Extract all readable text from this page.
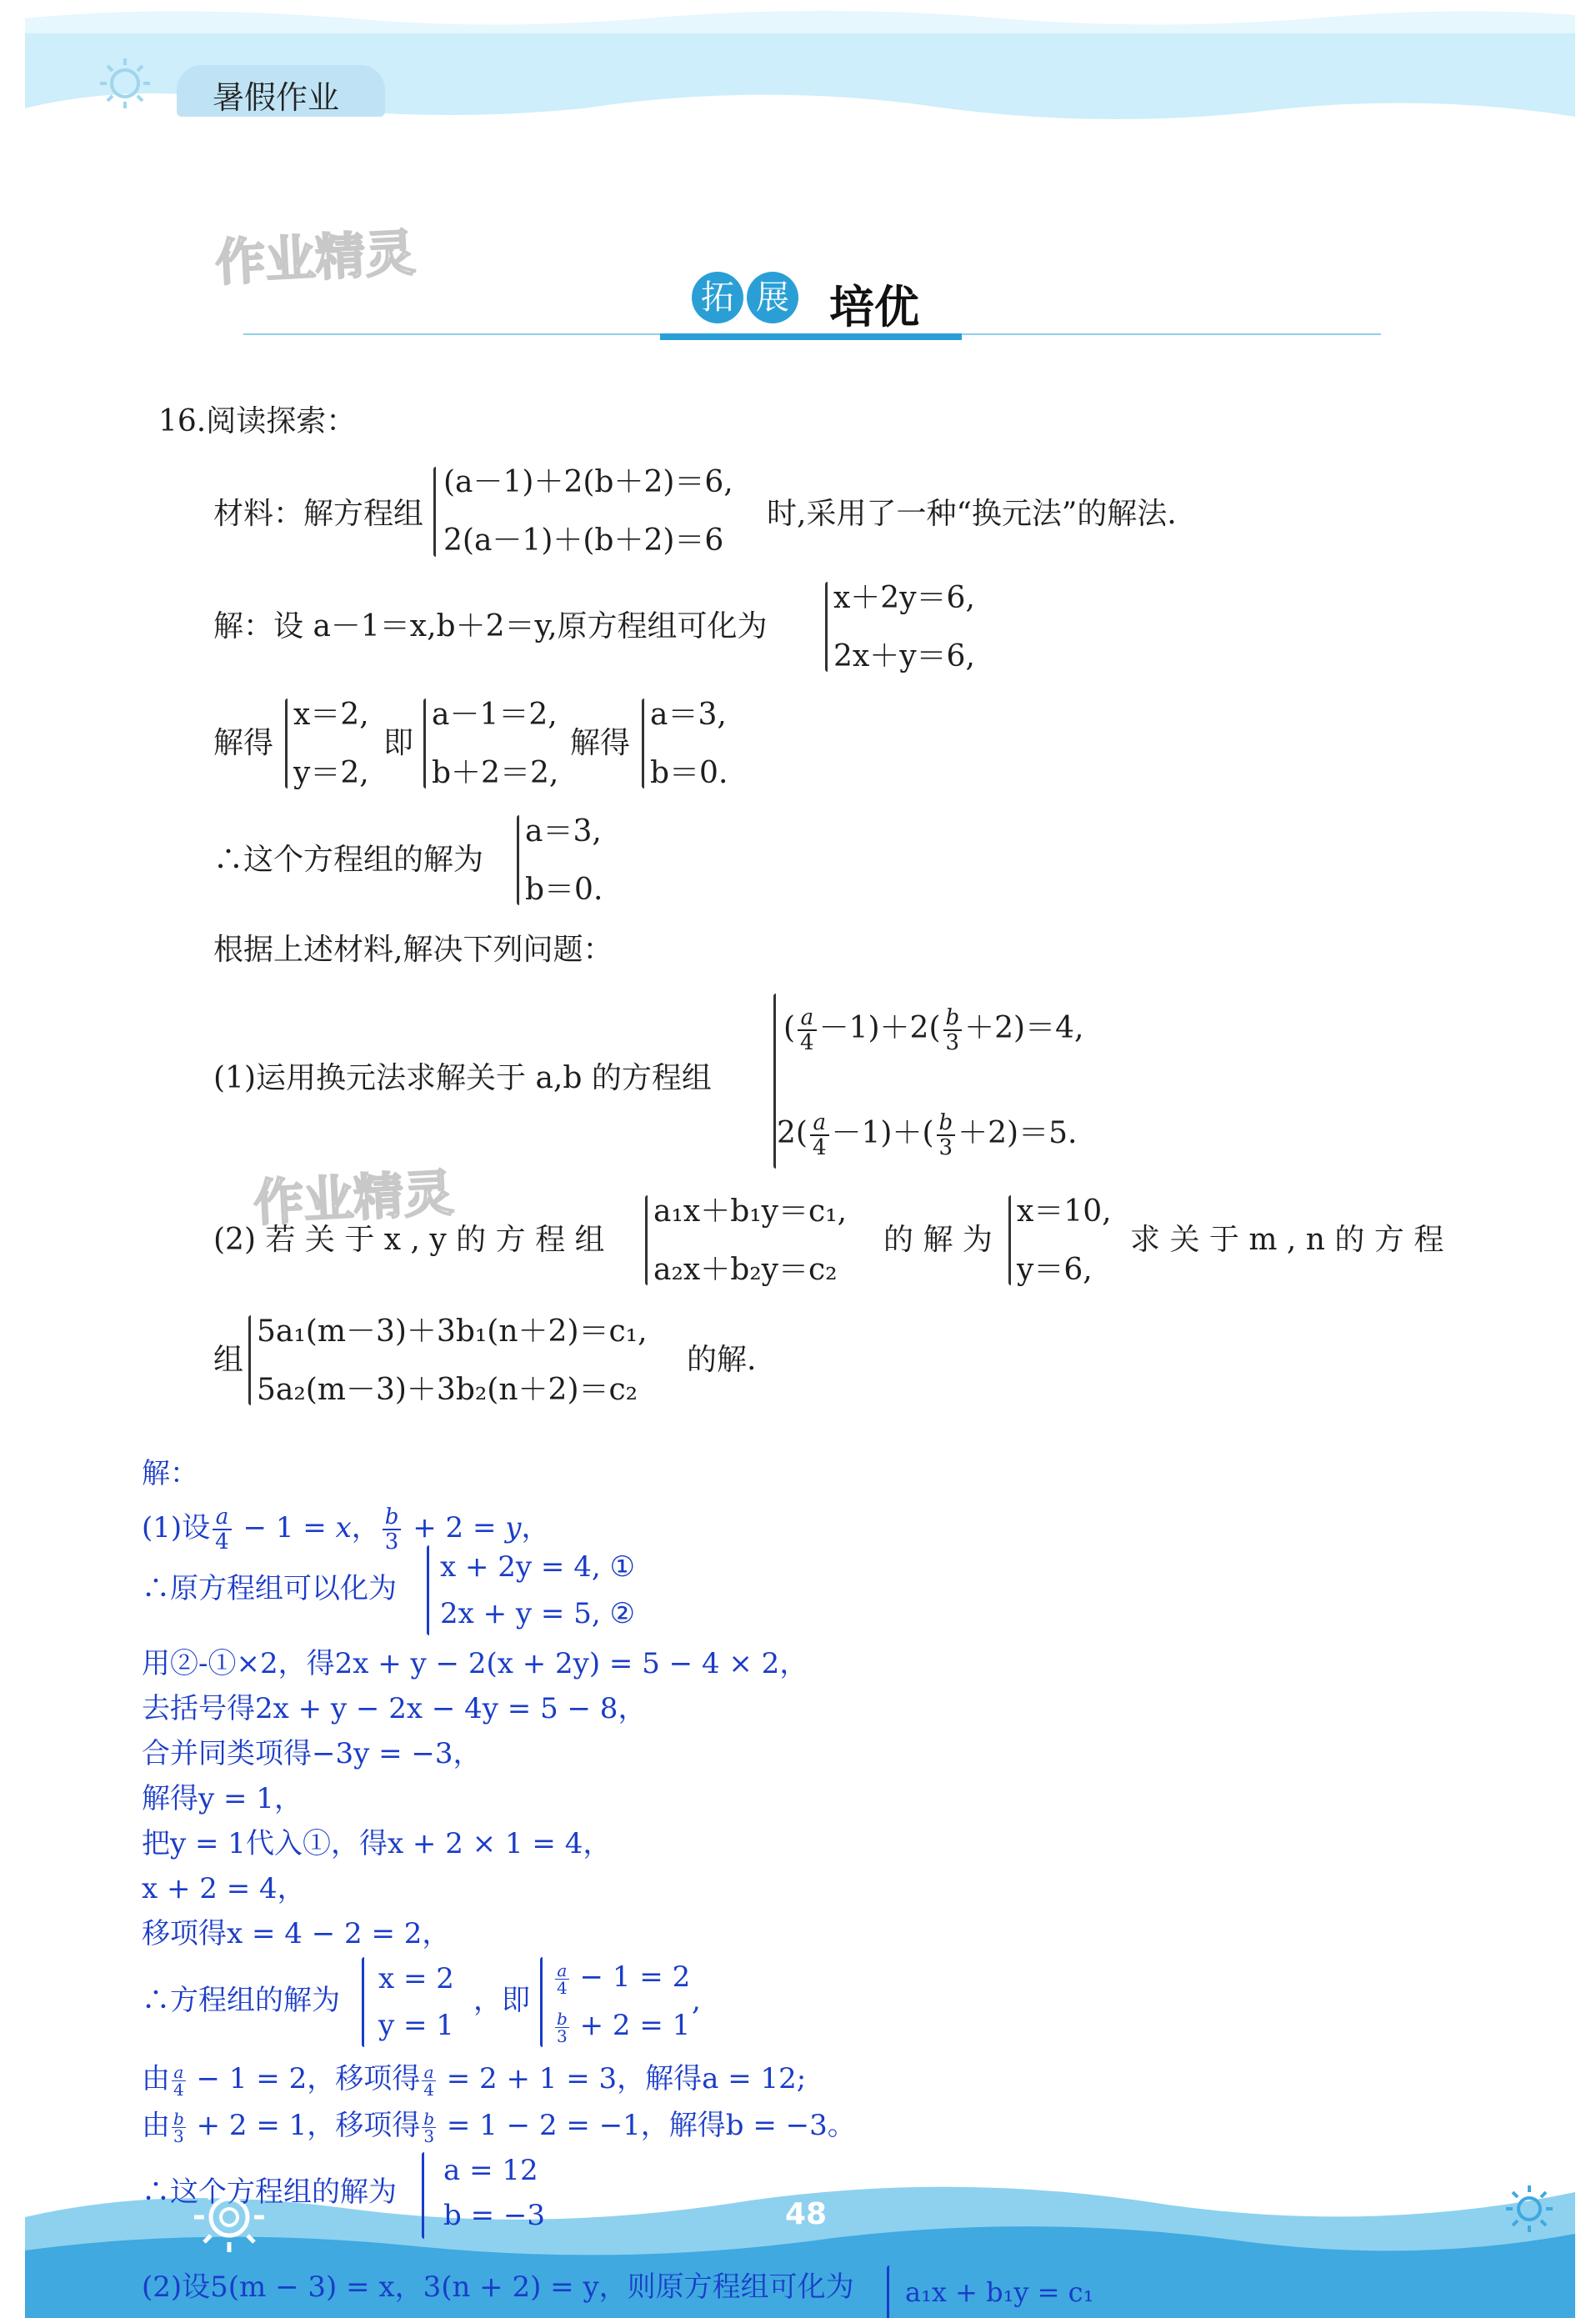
暑假作业
作业精灵
作业精灵
拓 展 培优
16.阅读探索：
材料：解方程组
(a－1)＋2(b＋2)＝6,
2(a－1)＋(b＋2)＝6
时,采用了一种“换元法”的解法.
解：设 a－1＝x,b＋2＝y,原方程组可化为
x＋2y＝6,
2x＋y＝6,
解得
x＝2,
y＝2,
即
a－1＝2,
b＋2＝2,
解得
a＝3,
b＝0.
∴这个方程组的解为
a＝3,
b＝0.
根据上述材料,解决下列问题：
(1)运用换元法求解关于 a,b 的方程组
( $\frac{a}{4} -1)+2( \frac{b}{3} +2)=4$,
$2( \frac{a}{4} -1)+( \frac{b}{3} +2)=5$.
(2) 若 关 于 x , y 的 方 程 组
a₁x＋b₁y＝c₁,
a₂x＋b₂y＝c₂
的 解 为
x＝10,
y＝6,
求 关 于 m , n 的 方 程
组
5a₁(m－3)＋3b₁(n＋2)＝c₁,
5a₂(m－3)＋3b₂(n＋2)＝c₂
的解.
解：
(1)设 $\frac{a}{4} - 1 = x$， $\frac{b}{3} + 2 = y$，
∴原方程组可以化为
x + 2y = 4, ①
2x + y = 5, ②
用②-①×2，得2x + y − 2(x + 2y) = 5 − 4 × 2，
去括号得2x + y − 2x − 4y = 5 − 8，
合并同类项得−3y = −3，
解得y = 1，
把y = 1代入①，得x + 2 × 1 = 4，
x + 2 = 4，
移项得x = 4 − 2 = 2，
∴方程组的解为
x = 2
y = 1
，即
$\frac{a}{4} - 1 = 2$
$\frac{b}{3} + 2 = 1$
,
由 $\frac{a}{4} - 1 = 2$，移项得 $\frac{a}{4} = 2 + 1 = 3$，解得a = 12;
由 $\frac{b}{3} + 2 = 1$，移项得 $\frac{b}{3} = 1 - 2 = -1$，解得b = −3。
∴这个方程组的解为
a = 12
b = −3	48
(2)设5(m − 3) = x，3(n + 2) = y，则原方程组可化为 a₁x + b₁y = c₁
